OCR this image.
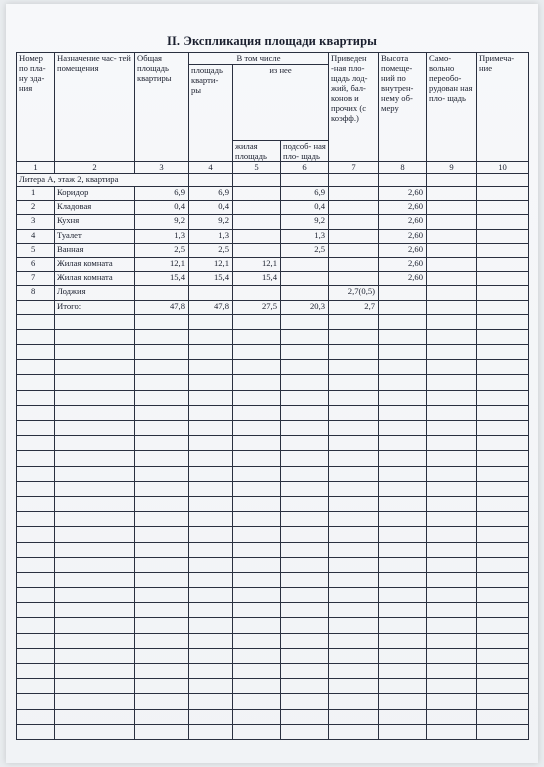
II. Экспликация площади квартиры
Номер по пла- ну зда- ния	Назначение час- тей помещения	Общая площадь квартиры	В том числе			Приведен -ная пло- щадь лод- жий, бал- конов и прочих (с коэфф.)	Высота помеще- ний по внутрен- нему об- меру	Само- вольно переобо- рудован ная пло- щадь	Примеча- ние
			площадь кварти- ры	из нее					
				жилая площадь	подсоб- ная пло- щадь				
1	2	3	4	5	6	7	8	9	10
Литера А, этаж 2, квартира									
1	Коридор	6,9	6,9		6,9		2,60		
2	Кладовая	0,4	0,4		0,4		2,60		
3	Кухня	9,2	9,2		9,2		2,60		
4	Туалет	1,3	1,3		1,3		2,60		
5	Ванная	2,5	2,5		2,5		2,60		
6	Жилая комната	12,1	12,1	12,1			2,60		
7	Жилая комната	15,4	15,4	15,4			2,60		
8	Лоджия					2,7(0,5)			
	Итого:	47,8	47,8	27,5	20,3	2,7			
